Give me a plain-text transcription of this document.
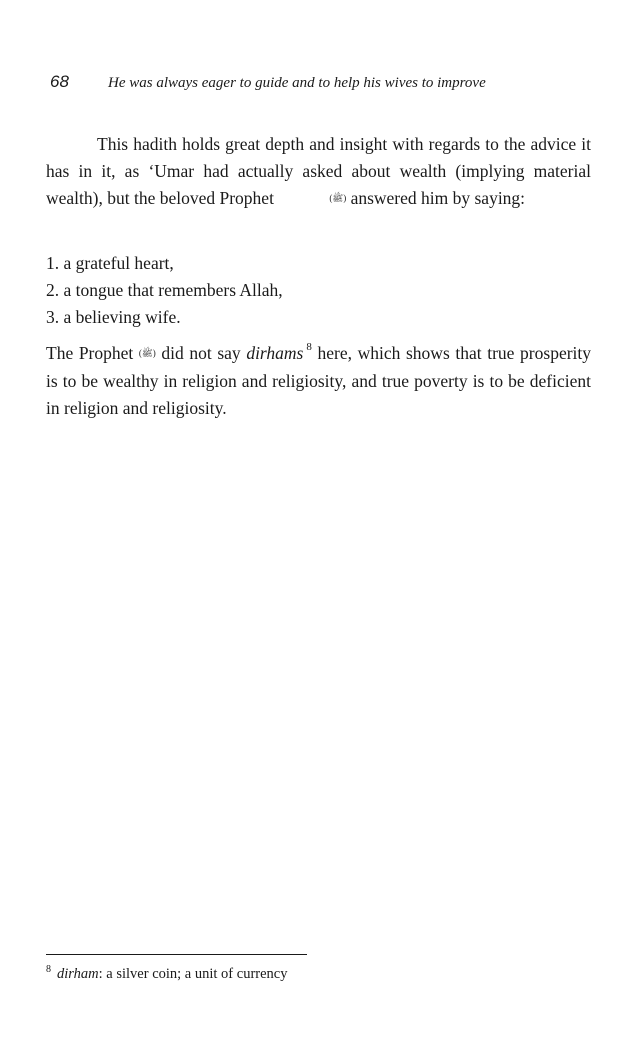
68	He was always eager to guide and to help his wives to improve

This hadith holds great depth and insight with regards to the advice it has in it, as ‘Umar had actually asked about wealth (implying material wealth), but the beloved Prophet	(ﷺ) answered him by saying:

1. a grateful heart,
2. a tongue that remembers Allah,
3. a believing wife.

The Prophet (ﷺ) did not say dirhams $^8$ here, which shows that true prosperity is to be wealthy in religion and religiosity, and true poverty is to be deficient in religion and religiosity.

$^8$ dirham: a silver coin; a unit of currency
